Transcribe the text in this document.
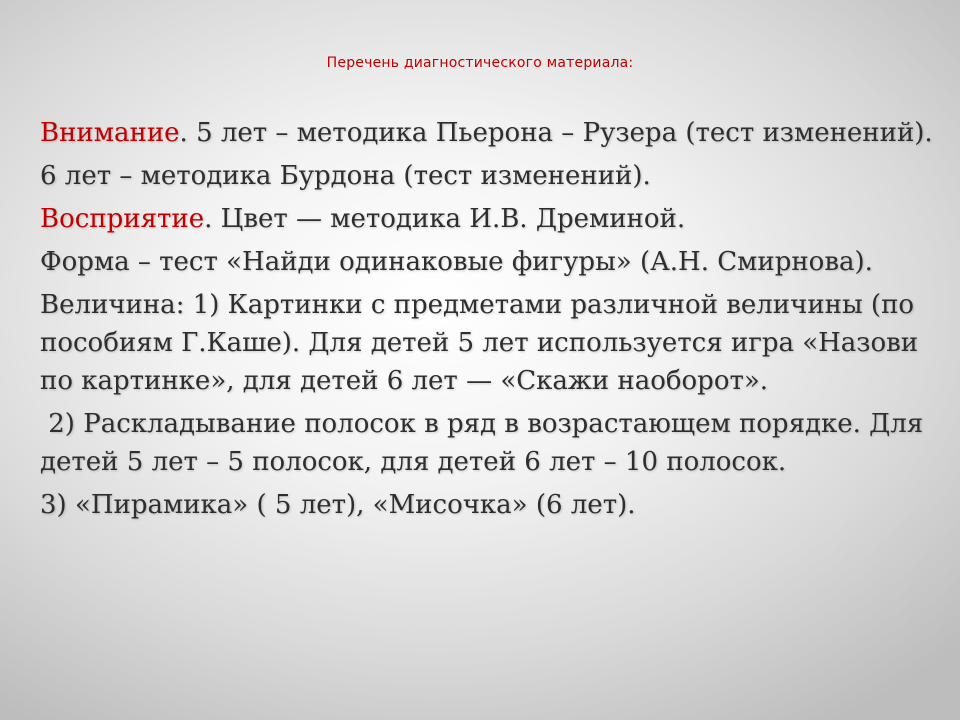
Перечень диагностического материала:

Внимание. 5 лет – методика Пьерона – Рузера (тест изменений).

6 лет – методика Бурдона (тест изменений).

Восприятие. Цвет — методика И.В. Дреминой.

Форма – тест «Найди одинаковые фигуры» (А.Н. Смирнова).

Величина: 1) Картинки с предметами различной величины (по пособиям Г.Каше). Для детей 5 лет используется игра «Назови по картинке», для детей 6 лет — «Скажи наоборот».

2) Раскладывание полосок в ряд в возрастающем порядке. Для детей 5 лет – 5 полосок, для детей 6 лет – 10 полосок.

3) «Пирамика» ( 5 лет), «Мисочка» (6 лет).
